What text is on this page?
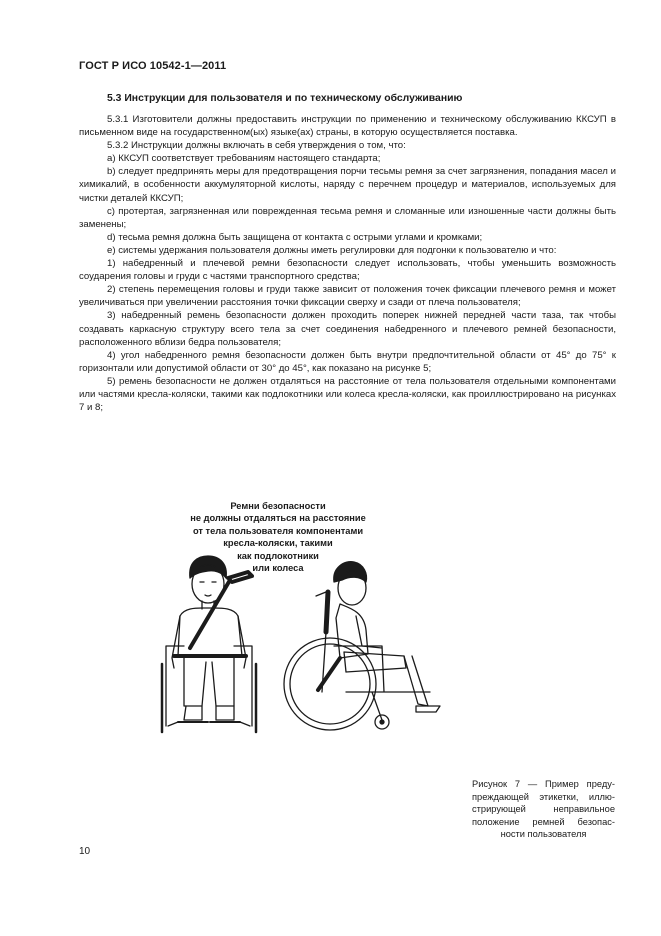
ГОСТ Р ИСО 10542-1—2011
5.3 Инструкции для пользователя и по техническому обслуживанию

5.3.1 Изготовители должны предоставить инструкции по применению и техническому обслуживанию ККСУП в письменном виде на государственном(ых) языке(ах) страны, в которую осуществляется поставка.

5.3.2 Инструкции должны включать в себя утверждения о том, что:

а) ККСУП соответствует требованиям настоящего стандарта;

b) следует предпринять меры для предотвращения порчи тесьмы ремня за счет загрязнения, попадания масел и химикалий, в особенности аккумуляторной кислоты, наряду с перечнем процедур и материалов, используемых для чистки деталей ККСУП;

с) протертая, загрязненная или поврежденная тесьма ремня и сломанные или изношенные части должны быть заменены;

d) тесьма ремня должна быть защищена от контакта с острыми углами и кромками;

е) системы удержания пользователя должны иметь регулировки для подгонки к пользователю и что:

1) набедренный и плечевой ремни безопасности следует использовать, чтобы уменьшить возможность соударения головы и груди с частями транспортного средства;

2) степень перемещения головы и груди также зависит от положения точек фиксации плечевого ремня и может увеличиваться при увеличении расстояния точки фиксации сверху и сзади от плеча пользователя;

3) набедренный ремень безопасности должен проходить поперек нижней передней части таза, так чтобы создавать каркасную структуру всего тела за счет соединения набедренного и плечевого ремней безопасности, расположенного вблизи бедра пользователя;

4) угол набедренного ремня безопасности должен быть внутри предпочтительной области от 45° до 75° к горизонтали или допустимой области от 30° до 45°, как показано на рисунке 5;

5) ремень безопасности не должен отдаляться на расстояние от тела пользователя отдельными компонентами или частями кресла-коляски, такими как подлокотники или колеса кресла-коляски, как проиллюстрировано на рисунках 7 и 8;

Ремни безопасности
не должны отдаляться на расстояние
от тела пользователя компонентами
кресла-коляски, такими
как подлокотники
или колеса
Рисунок 7 — Пример преду-
преждающей этикетки, иллю-
стрирующей неправильное
положение ремней безопас-
ности пользователя
10
